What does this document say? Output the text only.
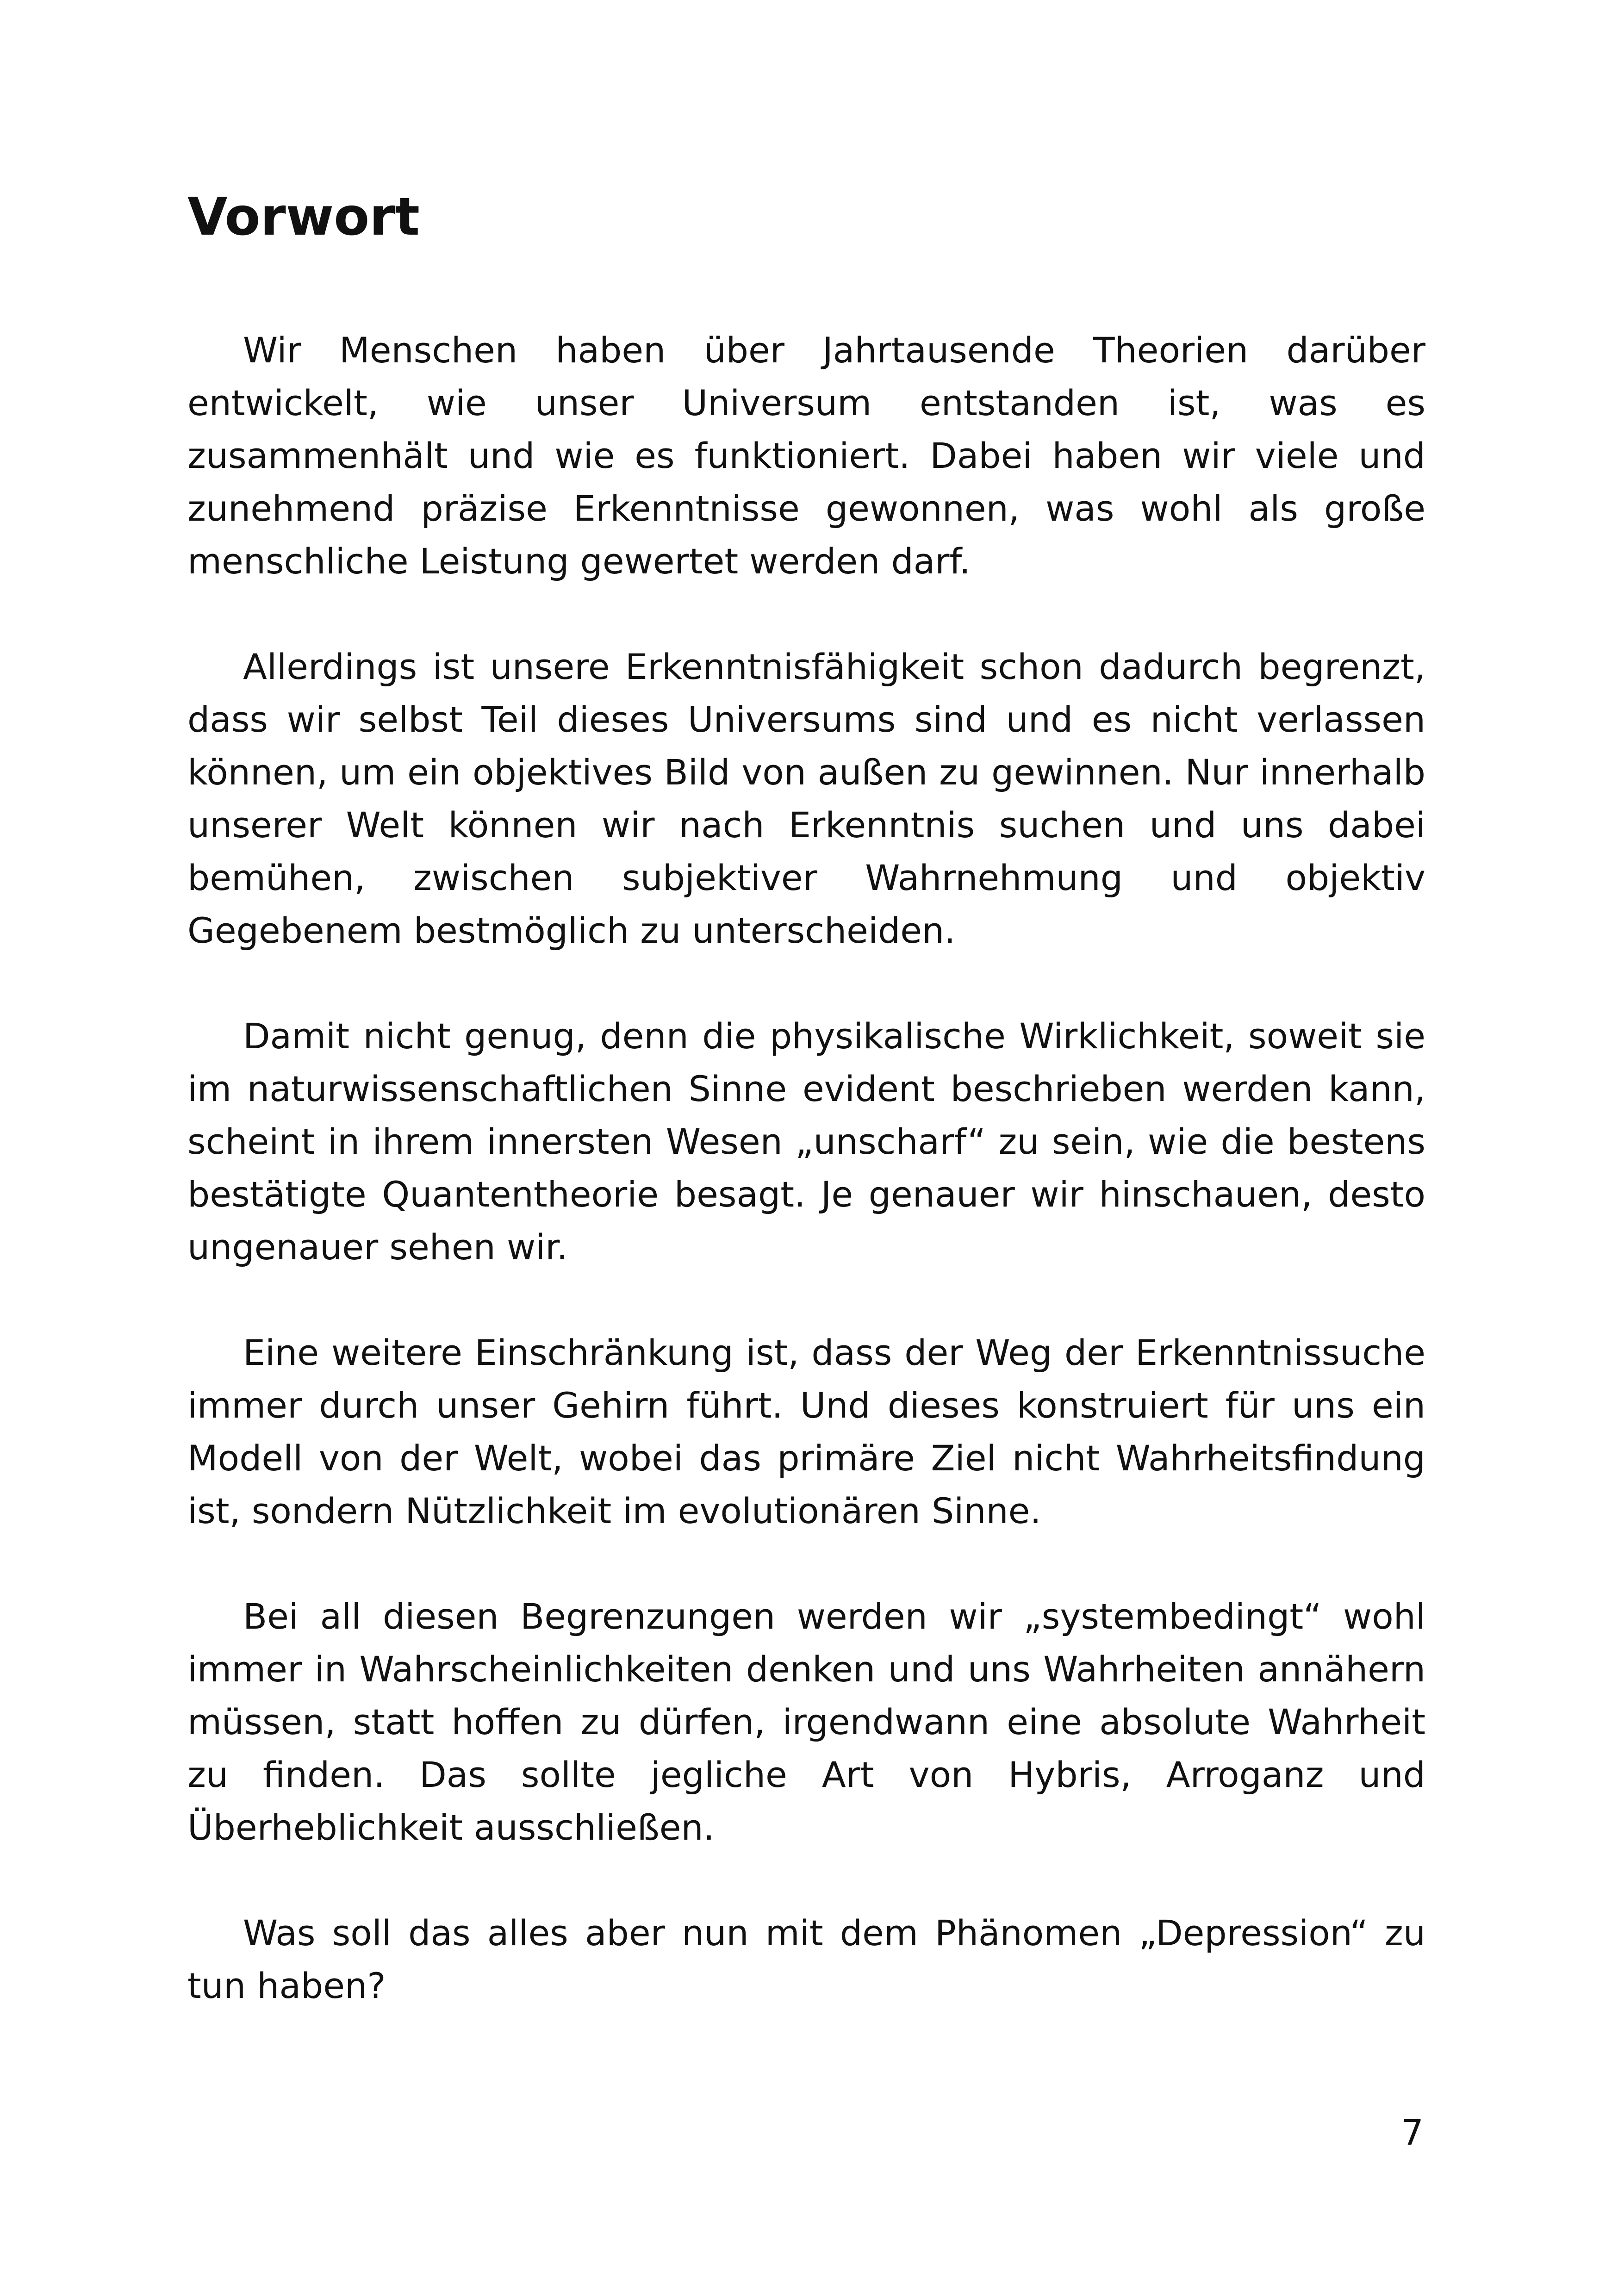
Vorwort

Wir Menschen haben über Jahrtausende Theorien darüber entwickelt, wie unser Universum entstanden ist, was es zusammenhält und wie es funktioniert. Dabei haben wir viele und zunehmend präzise Erkenntnisse gewonnen, was wohl als große menschliche Leistung gewertet werden darf.

Allerdings ist unsere Erkenntnisfähigkeit schon dadurch begrenzt, dass wir selbst Teil dieses Universums sind und es nicht verlassen können, um ein objektives Bild von außen zu gewinnen. Nur innerhalb unserer Welt können wir nach Erkenntnis suchen und uns dabei bemühen, zwischen subjektiver Wahrnehmung und objektiv Gegebenem bestmöglich zu unterscheiden.

Damit nicht genug, denn die physikalische Wirklichkeit, soweit sie im naturwissenschaftlichen Sinne evident beschrieben werden kann, scheint in ihrem innersten Wesen „unscharf“ zu sein, wie die bestens bestätigte Quantentheorie besagt. Je genauer wir hinschauen, desto ungenauer sehen wir.

Eine weitere Einschränkung ist, dass der Weg der Erkenntnissuche immer durch unser Gehirn führt. Und dieses konstruiert für uns ein Modell von der Welt, wobei das primäre Ziel nicht Wahrheitsfindung ist, sondern Nützlichkeit im evolutionären Sinne.

Bei all diesen Begrenzungen werden wir „systembedingt“ wohl immer in Wahrscheinlichkeiten denken und uns Wahrheiten annähern müssen, statt hoffen zu dürfen, irgendwann eine absolute Wahrheit zu finden. Das sollte jegliche Art von Hybris, Arroganz und Überheblichkeit ausschließen.

Was soll das alles aber nun mit dem Phänomen „Depression“ zu tun haben?

7
